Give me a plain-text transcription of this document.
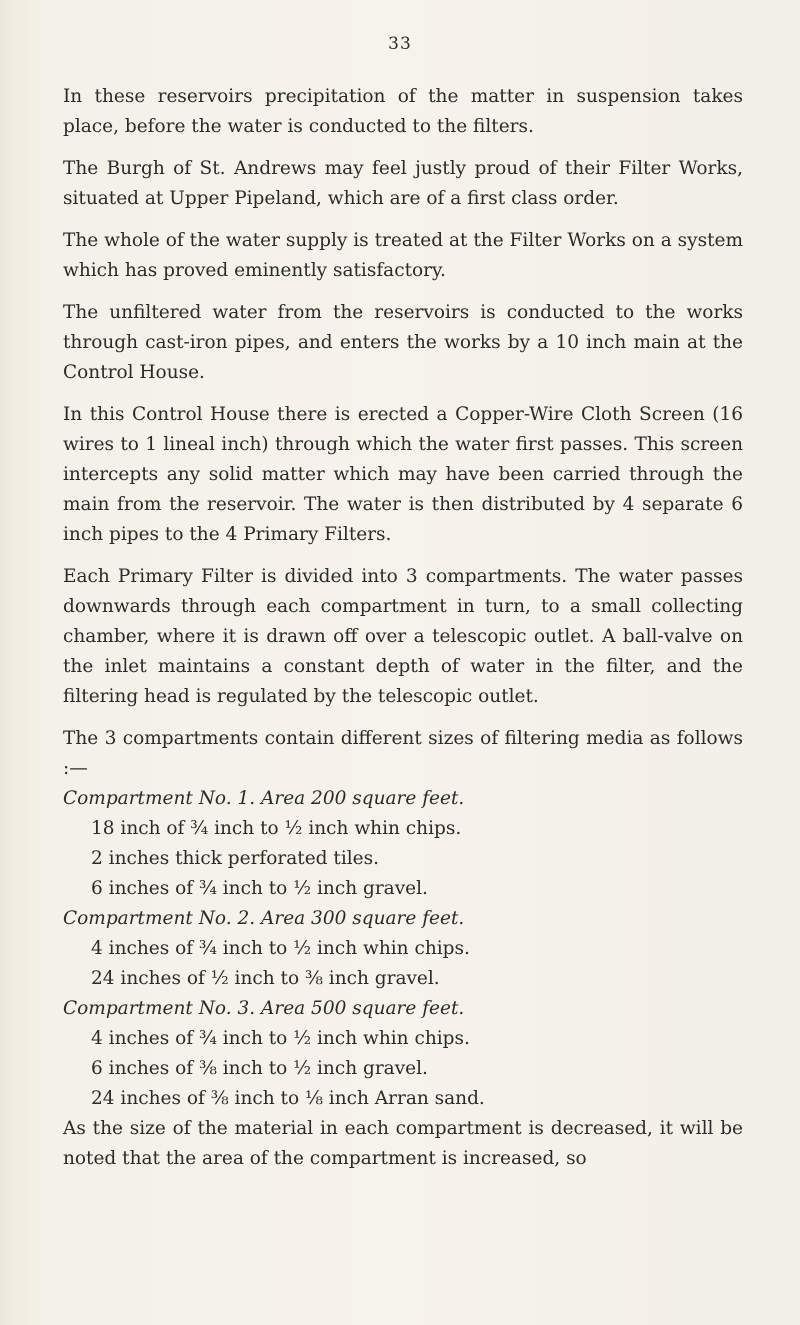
33

In these reservoirs precipitation of the matter in suspension takes place, before the water is conducted to the filters.

The Burgh of St. Andrews may feel justly proud of their Filter Works, situated at Upper Pipeland, which are of a first class order.

The whole of the water supply is treated at the Filter Works on a system which has proved eminently satisfactory.

The unfiltered water from the reservoirs is conducted to the works through cast-iron pipes, and enters the works by a 10 inch main at the Control House.

In this Control House there is erected a Copper-Wire Cloth Screen (16 wires to 1 lineal inch) through which the water first passes. This screen intercepts any solid matter which may have been carried through the main from the reservoir. The water is then distributed by 4 separate 6 inch pipes to the 4 Primary Filters.

Each Primary Filter is divided into 3 compartments. The water passes downwards through each compartment in turn, to a small collecting chamber, where it is drawn off over a telescopic outlet. A ball-valve on the inlet maintains a constant depth of water in the filter, and the filtering head is regulated by the telescopic outlet.

The 3 compartments contain different sizes of filtering media as follows :—

Compartment No. 1. Area 200 square feet.

18 inch of ¾ inch to ½ inch whin chips.

2 inches thick perforated tiles.

6 inches of ¾ inch to ½ inch gravel.

Compartment No. 2. Area 300 square feet.

4 inches of ¾ inch to ½ inch whin chips.

24 inches of ½ inch to ⅜ inch gravel.

Compartment No. 3. Area 500 square feet.

4 inches of ¾ inch to ½ inch whin chips.

6 inches of ⅜ inch to ½ inch gravel.

24 inches of ⅜ inch to ⅛ inch Arran sand.

As the size of the material in each compartment is decreased, it will be noted that the area of the compartment is increased, so
